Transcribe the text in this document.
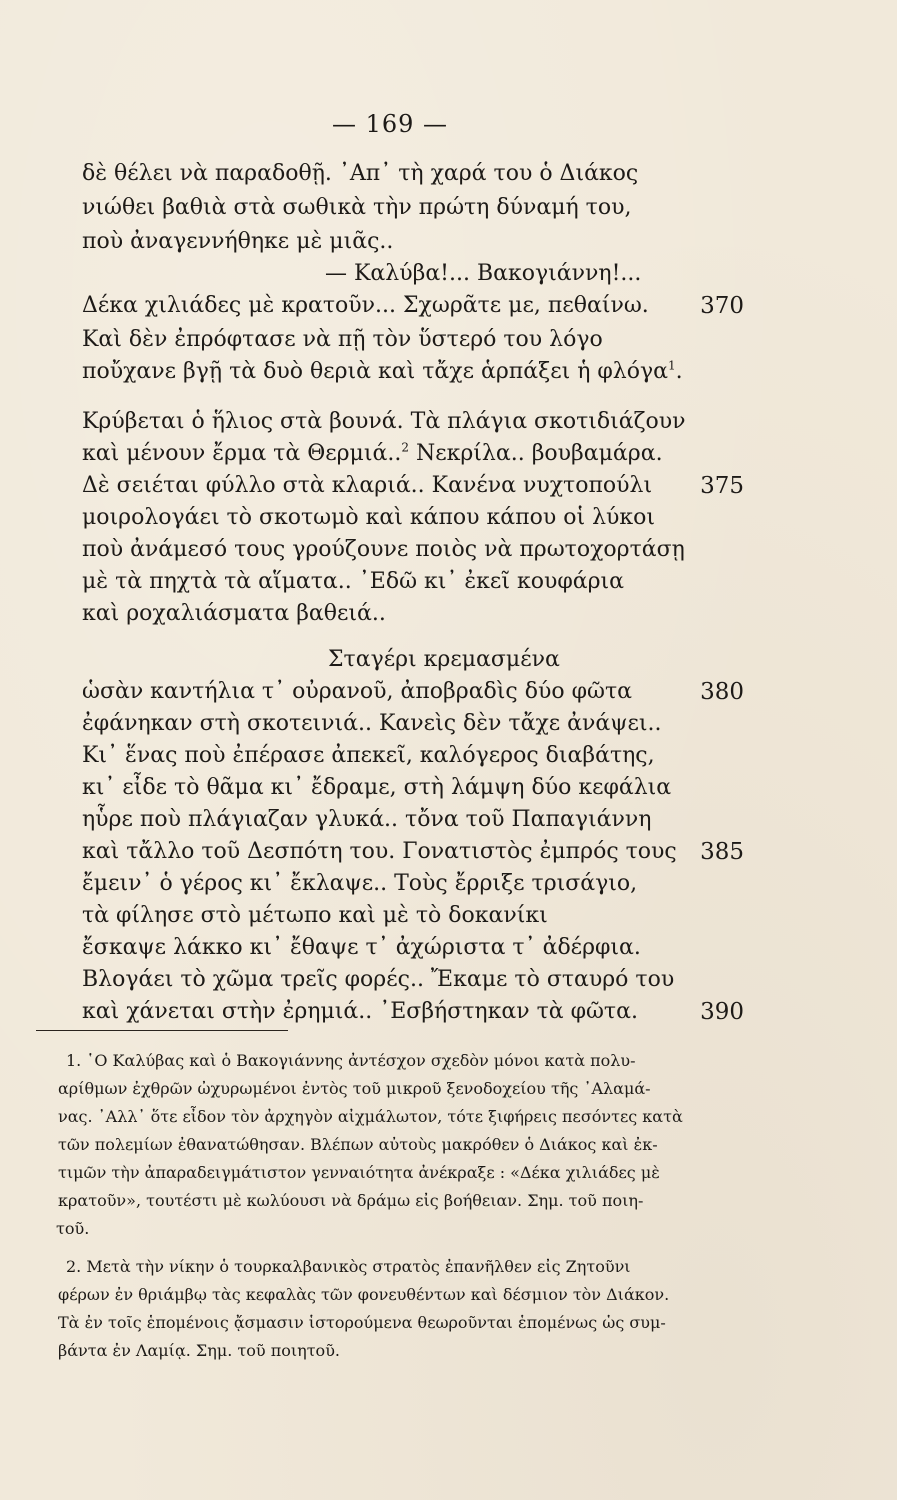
— 169 —
δὲ θέλει νὰ παραδοθῇ. ᾿Απ᾿ τὴ χαρά του ὁ Διάκος
νιώθει βαθιὰ στὰ σωθικὰ τὴν πρώτη δύναμή του,
ποὺ ἀναγεννήθηκε μὲ μιᾶς..
— Καλύβα!... Βακογιάννη!...
Δέκα χιλιάδες μὲ κρατοῦν... Σχωρᾶτε με, πεθαίνω.	370
Καὶ δὲν ἐπρόφτασε νὰ πῇ τὸν ὕστερό του λόγο
ποὔχανε βγῇ τὰ δυὸ θεριὰ καὶ τἄχε ἁρπάξει ἡ φλόγα$^1$.
Κρύβεται ὁ ἥλιος στὰ βουνά. Τὰ πλάγια σκοτιδιάζουν
καὶ μένουν ἔρμα τὰ Θερμιά..$^2$ Νεκρίλα.. βουβαμάρα.
Δὲ σειέται φύλλο στὰ κλαριά.. Κανένα νυχτοπούλι	375
μοιρολογάει τὸ σκοτωμὸ καὶ κάπου κάπου οἱ λύκοι
ποὺ ἀνάμεσό τους γρούζουνε ποιὸς νὰ πρωτοχορτάσῃ
μὲ τὰ πηχτὰ τὰ αἵματα.. ᾿Εδῶ κι᾿ ἐκεῖ κουφάρια
καὶ ροχαλιάσματα βαθειά..
Σταγέρι κρεμασμένα
ὡσὰν καντήλια τ᾿ οὐρανοῦ, ἀποβραδὶς δύο φῶτα	380
ἐφάνηκαν στὴ σκοτεινιά.. Κανεὶς δὲν τἄχε ἀνάψει..
Κι᾿ ἕνας ποὺ ἐπέρασε ἀπεκεῖ, καλόγερος διαβάτης,
κι᾿ εἶδε τὸ θᾶμα κι᾿ ἔδραμε, στὴ λάμψη δύο κεφάλια
ηὗρε ποὺ πλάγιαζαν γλυκά.. τὄνα τοῦ Παπαγιάννη
καὶ τἄλλο τοῦ Δεσπότη του. Γονατιστὸς ἐμπρός τους	385
ἔμειν᾿ ὁ γέρος κι᾿ ἔκλαψε.. Τοὺς ἔρριξε τρισάγιο,
τὰ φίλησε στὸ μέτωπο καὶ μὲ τὸ δοκανίκι
ἔσκαψε λάκκο κι᾿ ἔθαψε τ᾿ ἀχώριστα τ᾿ ἀδέρφια.
Βλογάει τὸ χῶμα τρεῖς φορές.. Ἔκαμε τὸ σταυρό του
καὶ χάνεται στὴν ἐρημιά.. ᾿Εσβήστηκαν τὰ φῶτα.	390
1. ῾Ο Καλύβας καὶ ὁ Βακογιάννης ἀντέσχον σχεδὸν μόνοι κατὰ πολυ-
αρίθμων ἐχθρῶν ὠχυρωμένοι ἐντὸς τοῦ μικροῦ ξενοδοχείου τῆς ᾿Αλαμά-
νας. ᾿Αλλ᾿ ὅτε εἶδον τὸν ἀρχηγὸν αἰχμάλωτον, τότε ξιφήρεις πεσόντες κατὰ
τῶν πολεμίων ἐθανατώθησαν. Βλέπων αὐτοὺς μακρόθεν ὁ Διάκος καὶ ἐκ-
τιμῶν τὴν ἀπαραδειγμάτιστον γενναιότητα ἀνέκραξε : «Δέκα χιλιάδες μὲ
κρατοῦν», τουτέστι μὲ κωλύουσι νὰ δράμω εἰς βοήθειαν. Σημ. τοῦ ποιη-
τοῦ.
2. Μετὰ τὴν νίκην ὁ τουρκαλβανικὸς στρατὸς ἐπανῆλθεν εἰς Ζητοῦνι
φέρων ἐν θριάμβῳ τὰς κεφαλὰς τῶν φονευθέντων καὶ δέσμιον τὸν Διάκον.
Τὰ ἐν τοῖς ἑπομένοις ᾄσμασιν ἱστορούμενα θεωροῦνται ἑπομένως ὡς συμ-
βάντα ἐν Λαμίᾳ. Σημ. τοῦ ποιητοῦ.
